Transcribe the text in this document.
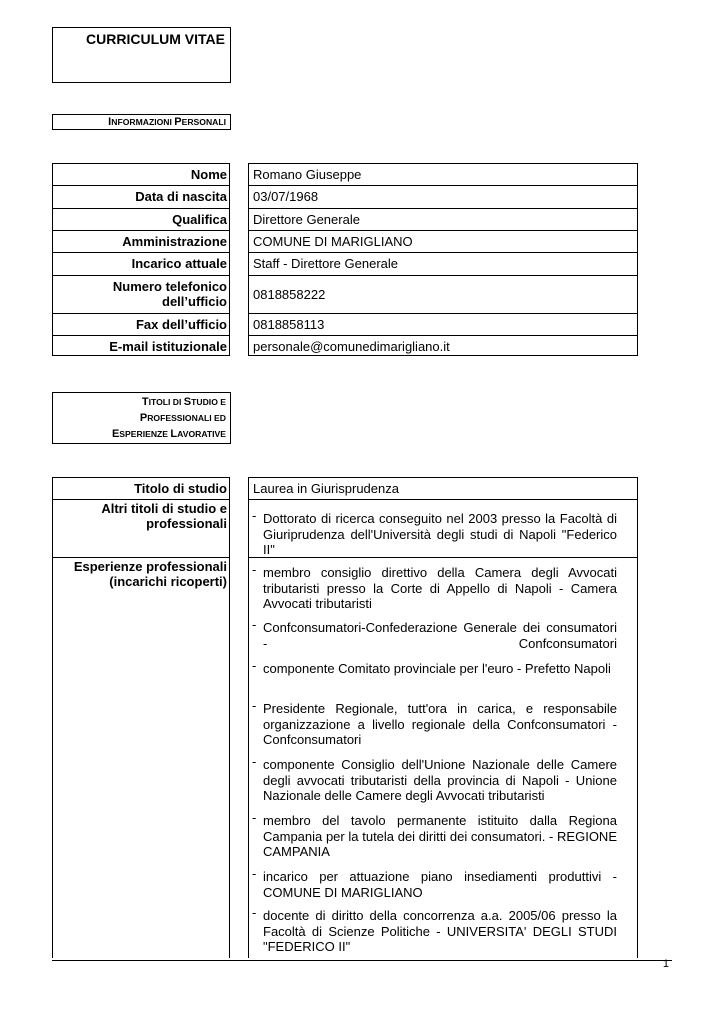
CURRICULUM VITAE
INFORMAZIONI PERSONALI
Nome
Data di nascita
Qualifica
Amministrazione
Incarico attuale
Numero telefonico
dell’ufficio
Fax dell’ufficio
E-mail istituzionale
Romano Giuseppe
03/07/1968
Direttore Generale
COMUNE DI MARIGLIANO
Staff - Direttore Generale
0818858222
0818858113
personale@comunedimarigliano.it
TITOLI DI STUDIO E
PROFESSIONALI ED
ESPERIENZE LAVORATIVE
Titolo di studio
Altri titoli di studio e
professionali
Esperienze professionali
(incarichi ricoperti)
Laurea in Giurisprudenza
- Dottorato di ricerca conseguito nel 2003 presso la Facoltà di Giuriprudenza dell'Università degli studi di Napoli "Federico II"
- membro consiglio direttivo della Camera degli Avvocati tributaristi presso la Corte di Appello di Napoli - Camera Avvocati tributaristi
- Confconsumatori-Confederazione Generale dei consumatori - Confconsumatori
- componente Comitato provinciale per l'euro - Prefetto Napoli
- Presidente Regionale, tutt'ora in carica, e responsabile organizzazione a livello regionale della Confconsumatori - Confconsumatori
- componente Consiglio dell'Unione Nazionale delle Camere degli avvocati tributaristi della provincia di Napoli - Unione Nazionale delle Camere degli Avvocati tributaristi
- membro del tavolo permanente istituito dalla Regiona Campania per la tutela dei diritti dei consumatori. - REGIONE CAMPANIA
- incarico per attuazione piano insediamenti produttivi - COMUNE DI MARIGLIANO
- docente di diritto della concorrenza a.a. 2005/06 presso la Facoltà di Scienze Politiche - UNIVERSITA' DEGLI STUDI "FEDERICO II"
1
